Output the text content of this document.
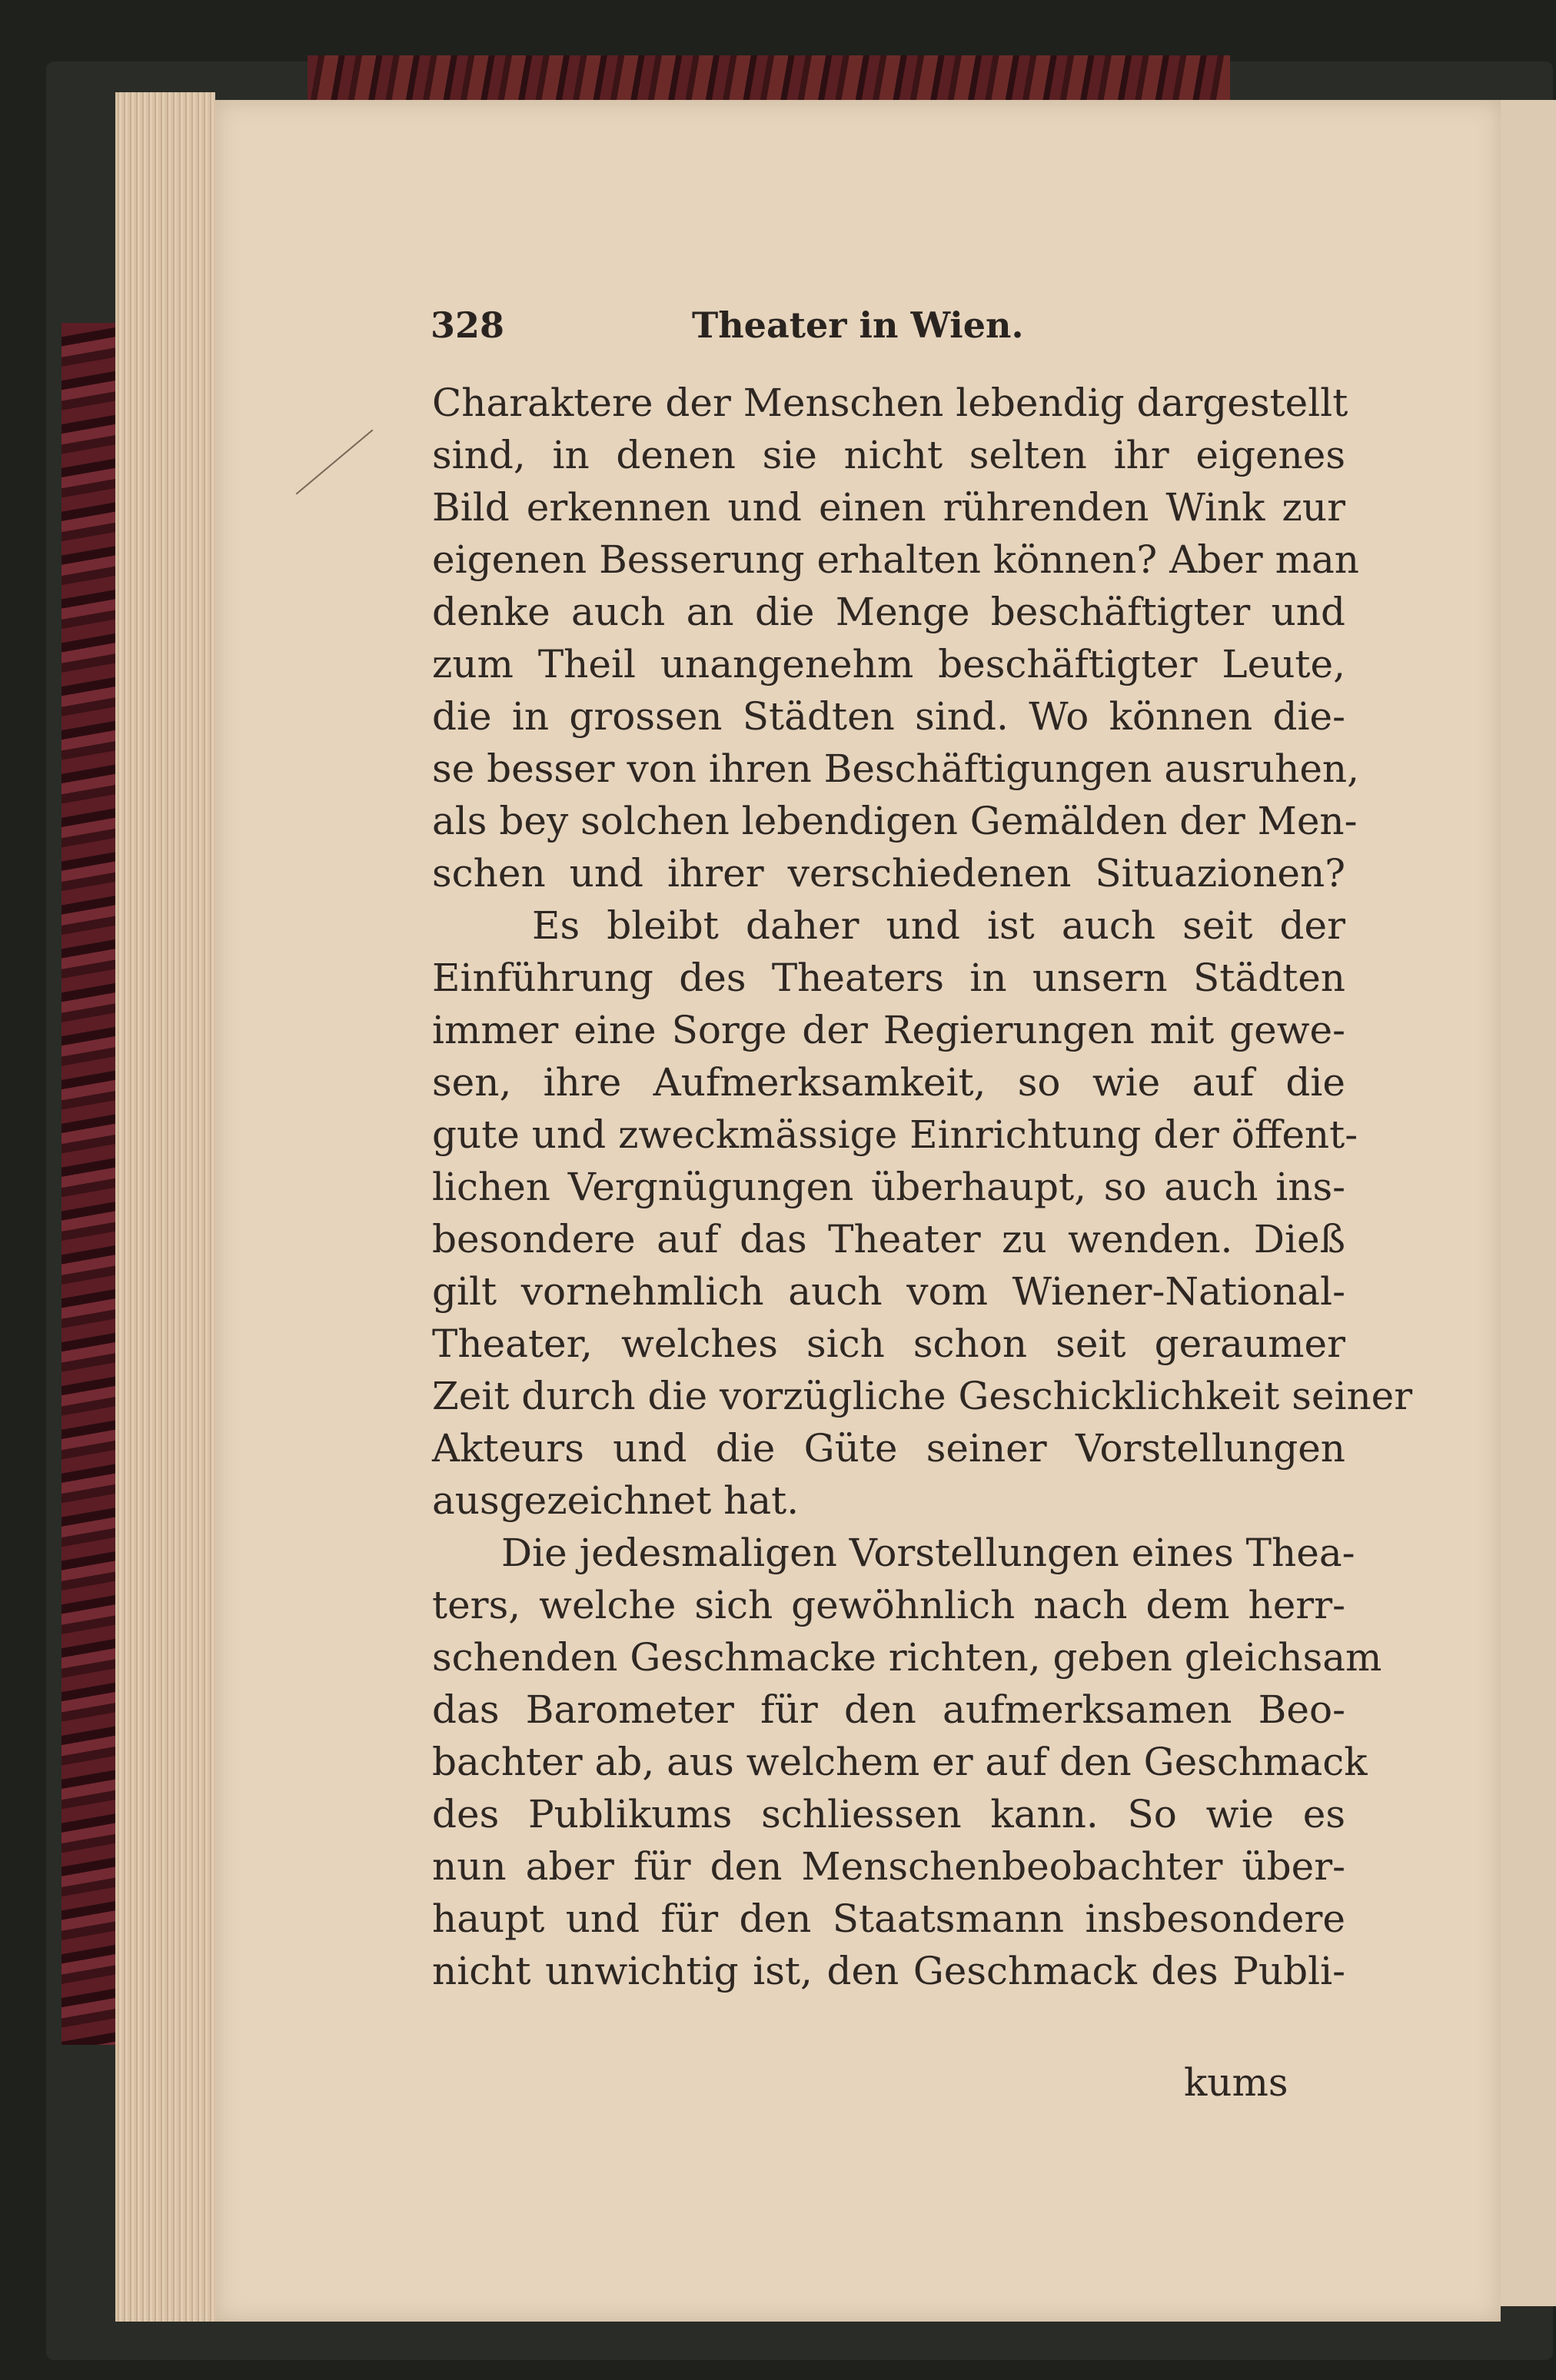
328	Theater in Wien.
Charaktere der Menschen lebendig dargestellt
sind, in denen sie nicht selten ihr eigenes
Bild erkennen und einen rührenden Wink zur
eigenen Besserung erhalten können? Aber man
denke auch an die Menge beschäftigter und
zum Theil unangenehm beschäftigter Leute,
die in grossen Städten sind. Wo können die-
se besser von ihren Beschäftigungen ausruhen,
als bey solchen lebendigen Gemälden der Men-
schen und ihrer verschiedenen Situazionen?
Es bleibt daher und ist auch seit der
Einführung des Theaters in unsern Städten
immer eine Sorge der Regierungen mit gewe-
sen, ihre Aufmerksamkeit, so wie auf die
gute und zweckmässige Einrichtung der öffent-
lichen Vergnügungen überhaupt, so auch ins-
besondere auf das Theater zu wenden. Dieß
gilt vornehmlich auch vom Wiener-National-
Theater, welches sich schon seit geraumer
Zeit durch die vorzügliche Geschicklichkeit seiner
Akteurs und die Güte seiner Vorstellungen
ausgezeichnet hat.
Die jedesmaligen Vorstellungen eines Thea-
ters, welche sich gewöhnlich nach dem herr-
schenden Geschmacke richten, geben gleichsam
das Barometer für den aufmerksamen Beo-
bachter ab, aus welchem er auf den Geschmack
des Publikums schliessen kann. So wie es
nun aber für den Menschenbeobachter über-
haupt und für den Staatsmann insbesondere
nicht unwichtig ist, den Geschmack des Publi-
kums
